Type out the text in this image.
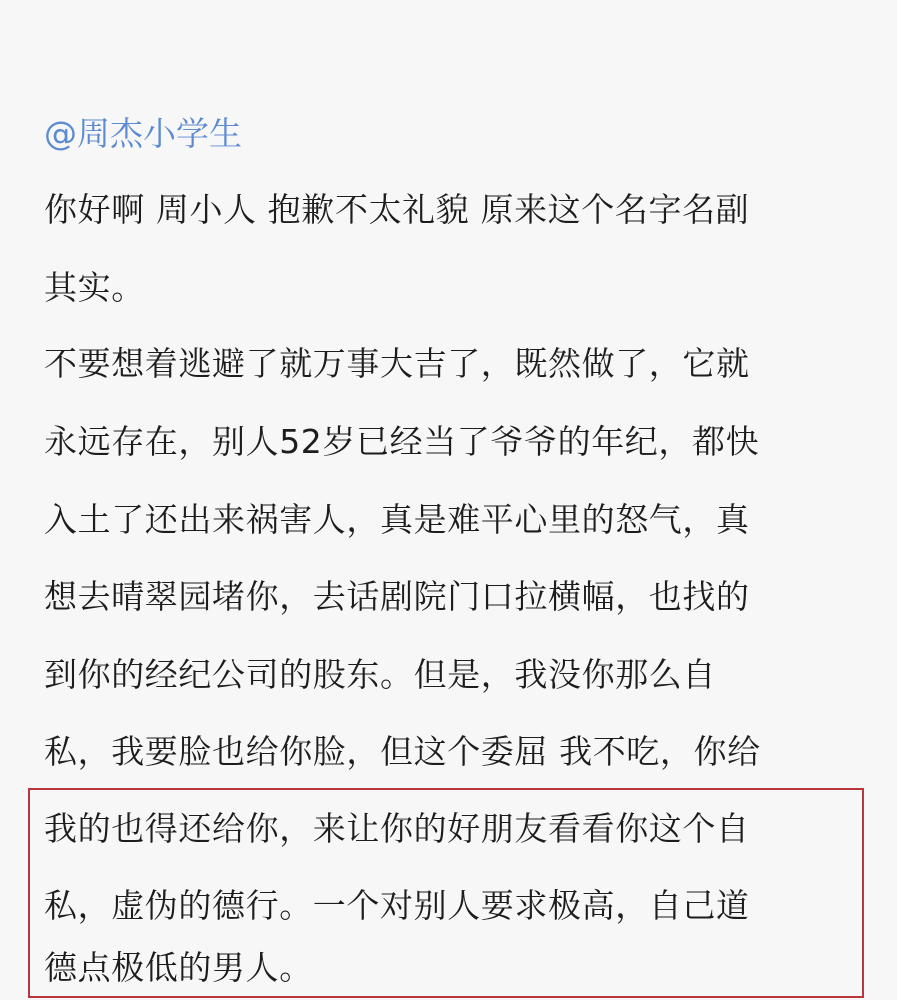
@周杰小学生
你好啊 周小人 抱歉不太礼貌 原来这个名字名副
其实。
不要想着逃避了就万事大吉了，既然做了，它就
永远存在，别人52岁已经当了爷爷的年纪，都快
入土了还出来祸害人，真是难平心里的怒气，真
想去晴翠园堵你，去话剧院门口拉横幅，也找的
到你的经纪公司的股东。但是，我没你那么自
私，我要脸也给你脸，但这个委屈 我不吃，你给
我的也得还给你，来让你的好朋友看看你这个自
私，虚伪的德行。一个对别人要求极高，自己道
德点极低的男人。
